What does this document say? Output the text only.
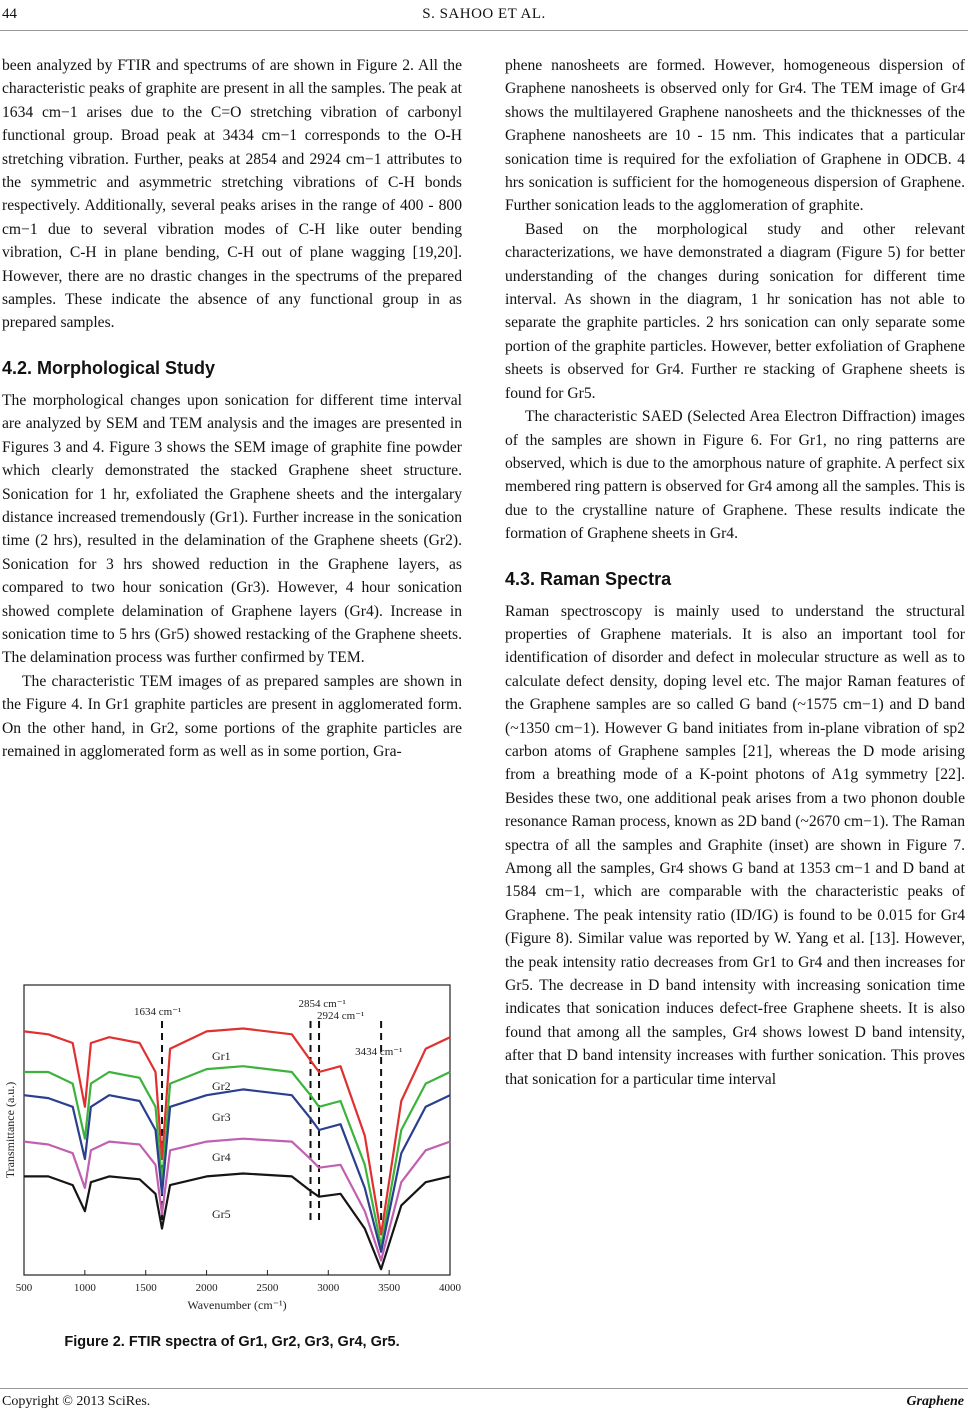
44	S. SAHOO ET AL.

been analyzed by FTIR and spectrums of are shown in Figure 2. All the characteristic peaks of graphite are present in all the samples. The peak at 1634 cm−1 arises due to the C=O stretching vibration of carbonyl functional group. Broad peak at 3434 cm−1 corresponds to the O-H stretching vibration. Further, peaks at 2854 and 2924 cm−1 attributes to the symmetric and asymmetric stretching vibrations of C-H bonds respectively. Additionally, several peaks arises in the range of 400 - 800 cm−1 due to several vibration modes of C-H like outer bending vibration, C-H in plane bending, C-H out of plane wagging [19,20]. However, there are no drastic changes in the spectrums of the prepared samples. These indicate the absence of any functional group in as prepared samples.

4.2. Morphological Study

The morphological changes upon sonication for different time interval are analyzed by SEM and TEM analysis and the images are presented in Figures 3 and 4. Figure 3 shows the SEM image of graphite fine powder which clearly demonstrated the stacked Graphene sheet structure. Sonication for 1 hr, exfoliated the Graphene sheets and the intergalary distance increased tremendously (Gr1). Further increase in the sonication time (2 hrs), resulted in the delamination of the Graphene sheets (Gr2). Sonication for 3 hrs showed reduction in the Graphene layers, as compared to two hour sonication (Gr3). However, 4 hour sonication showed complete delamination of Graphene layers (Gr4). Increase in sonication time to 5 hrs (Gr5) showed restacking of the Graphene sheets. The delamination process was further confirmed by TEM.

The characteristic TEM images of as prepared samples are shown in the Figure 4. In Gr1 graphite particles are present in agglomerated form. On the other hand, in Gr2, some portions of the graphite particles are remained in agglomerated form as well as in some portion, Gra-

500	1000	1500	2000	2500	3000	3500	4000
Wavenumber (cm⁻¹)
Transmittance (a.u.)
1634 cm⁻¹
2854 cm⁻¹
2924 cm⁻¹
3434 cm⁻¹
Gr1
Gr2
Gr3
Gr4
Gr5
Figure 2. FTIR spectra of Gr1, Gr2, Gr3, Gr4, Gr5.

phene nanosheets are formed. However, homogeneous dispersion of Graphene nanosheets is observed only for Gr4. The TEM image of Gr4 shows the multilayered Graphene nanosheets and the thicknesses of the Graphene nanosheets are 10 - 15 nm. This indicates that a particular sonication time is required for the exfoliation of Graphene in ODCB. 4 hrs sonication is sufficient for the homogeneous dispersion of Graphene. Further sonication leads to the agglomeration of graphite.

Based on the morphological study and other relevant characterizations, we have demonstrated a diagram (Figure 5) for better understanding of the changes during sonication for different time interval. As shown in the diagram, 1 hr sonication has not able to separate the graphite particles. 2 hrs sonication can only separate some portion of the graphite particles. However, better exfoliation of Graphene sheets is observed for Gr4. Further re stacking of Graphene sheets is found for Gr5.

The characteristic SAED (Selected Area Electron Diffraction) images of the samples are shown in Figure 6. For Gr1, no ring patterns are observed, which is due to the amorphous nature of graphite. A perfect six membered ring pattern is observed for Gr4 among all the samples. This is due to the crystalline nature of Graphene. These results indicate the formation of Graphene sheets in Gr4.

4.3. Raman Spectra

Raman spectroscopy is mainly used to understand the structural properties of Graphene materials. It is also an important tool for identification of disorder and defect in molecular structure as well as to calculate defect density, doping level etc. The major Raman features of the Graphene samples are so called G band (~1575 cm−1) and D band (~1350 cm−1). However G band initiates from in-plane vibration of sp2 carbon atoms of Graphene samples [21], whereas the D mode arising from a breathing mode of a K-point photons of A1g symmetry [22]. Besides these two, one additional peak arises from a two phonon double resonance Raman process, known as 2D band (~2670 cm−1). The Raman spectra of all the samples and Graphite (inset) are shown in Figure 7. Among all the samples, Gr4 shows G band at 1353 cm−1 and D band at 1584 cm−1, which are comparable with the characteristic peaks of Graphene. The peak intensity ratio (ID/IG) is found to be 0.015 for Gr4 (Figure 8). Similar value was reported by W. Yang et al. [13]. However, the peak intensity ratio decreases from Gr1 to Gr4 and then increases for Gr5. The decrease in D band intensity with increasing sonication time indicates that sonication induces defect-free Graphene sheets. It is also found that among all the samples, Gr4 shows lowest D band intensity, after that D band intensity increases with further sonication. This proves that sonication for a particular time interval

Copyright © 2013 SciRes.	Graphene
